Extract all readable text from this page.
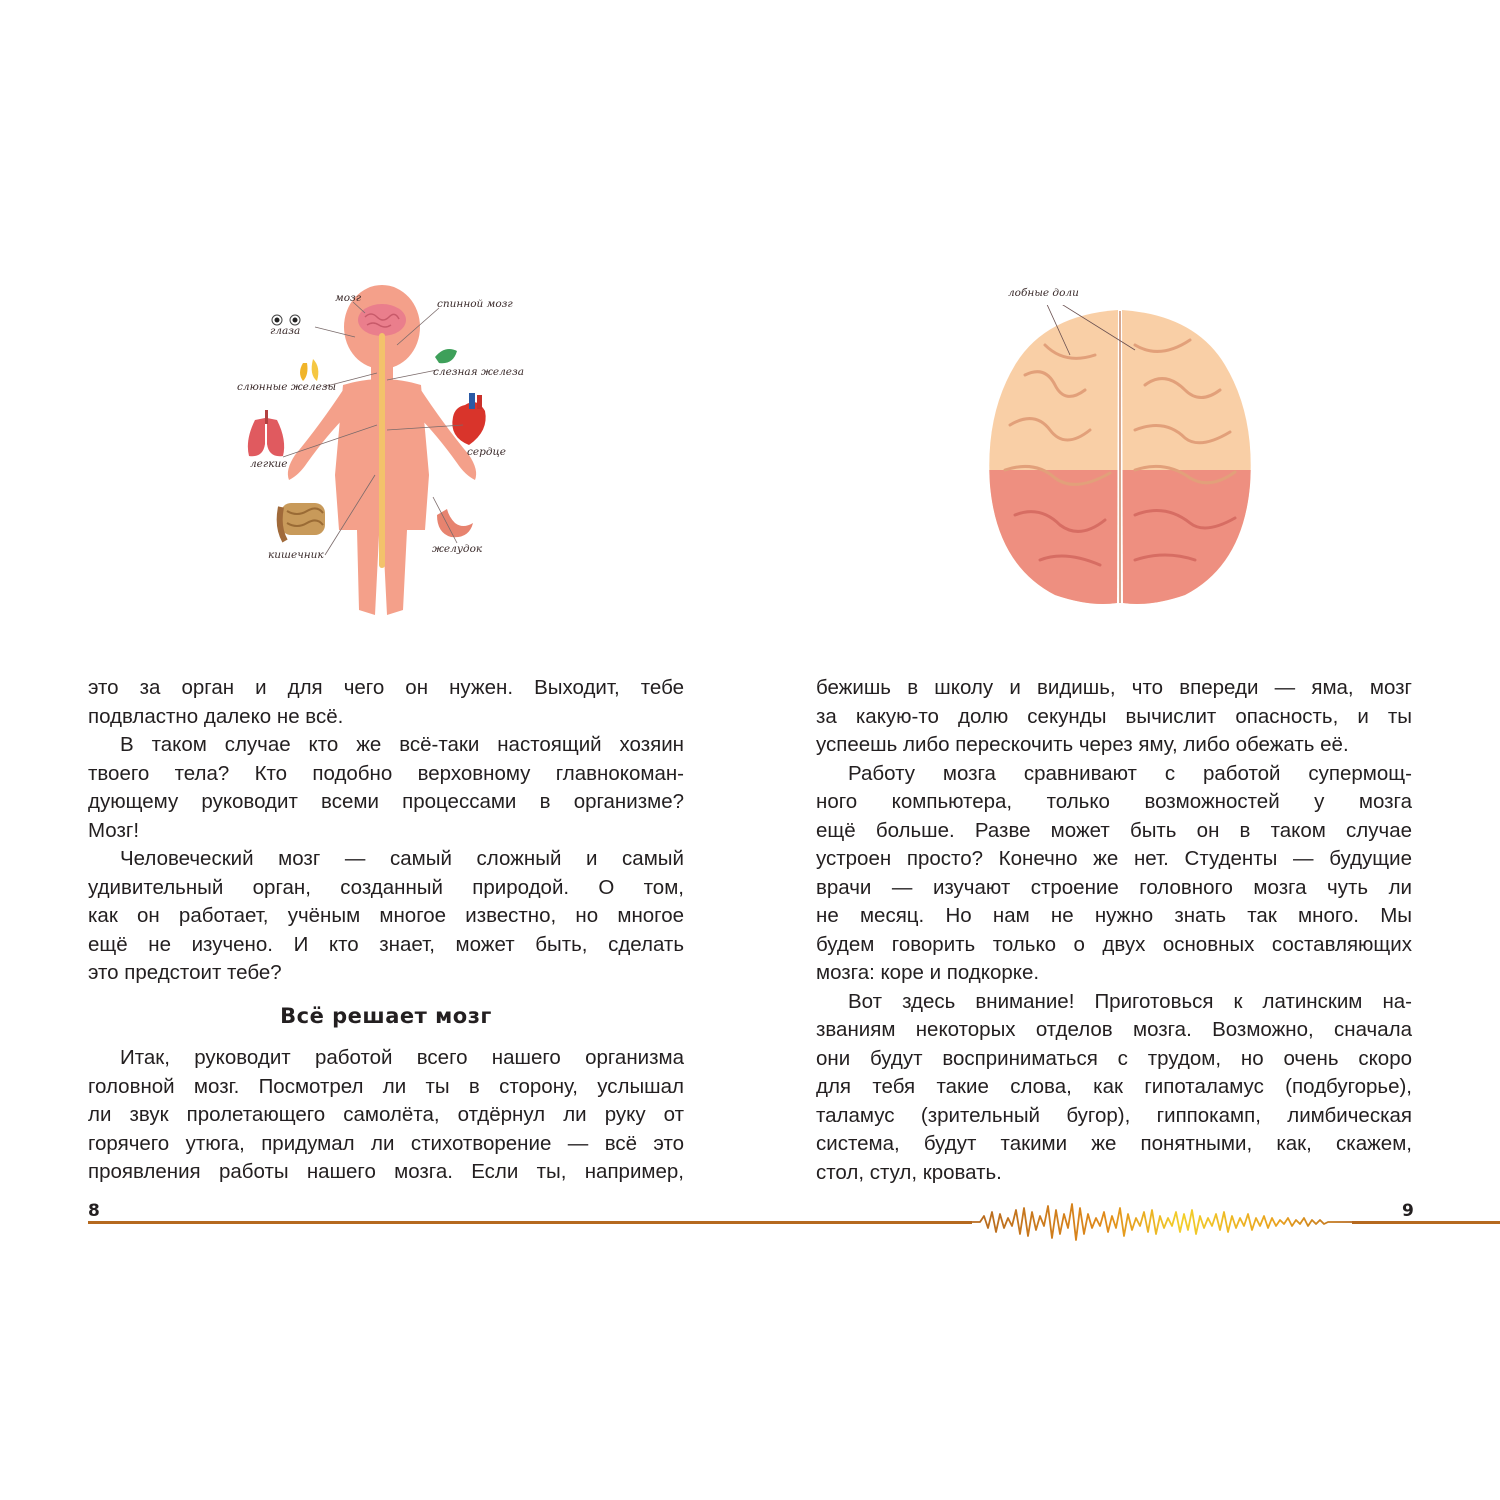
мозг	спинной мозг
глаза
слезная железа
слюнные железы
сердце
легкие
желудок
кишечник
лобные доли
это за орган и для чего он нужен. Выходит, тебе
подвластно далеко не всё.
В таком случае кто же всё-таки настоящий хозяин
твоего тела? Кто подобно верховному главнокоман-
дующему руководит всеми процессами в организме?
Мозг!
Человеческий мозг — самый сложный и самый
удивительный орган, созданный природой. О том,
как он работает, учёным многое известно, но многое
ещё не изучено. И кто знает, может быть, сделать
это предстоит тебе?
Всё решает мозг
Итак, руководит работой всего нашего организма
головной мозг. Посмотрел ли ты в сторону, услышал
ли звук пролетающего самолёта, отдёрнул ли руку от
горячего утюга, придумал ли стихотворение — всё это
проявления работы нашего мозга. Если ты, например,
бежишь в школу и видишь, что впереди — яма, мозг
за какую-то долю секунды вычислит опасность, и ты
успеешь либо перескочить через яму, либо обежать её.
Работу мозга сравнивают с работой супермощ-
ного компьютера, только возможностей у мозга
ещё больше. Разве может быть он в таком случае
устроен просто? Конечно же нет. Студенты — будущие
врачи — изучают строение головного мозга чуть ли
не месяц. Но нам не нужно знать так много. Мы
будем говорить только о двух основных составляющих
мозга: коре и подкорке.
Вот здесь внимание! Приготовься к латинским на-
званиям некоторых отделов мозга. Возможно, сначала
они будут восприниматься с трудом, но очень скоро
для тебя такие слова, как гипоталамус (подбугорье),
таламус (зрительный бугор), гиппокамп, лимбическая
система, будут такими же понятными, как, скажем,
стол, стул, кровать.
8	9
